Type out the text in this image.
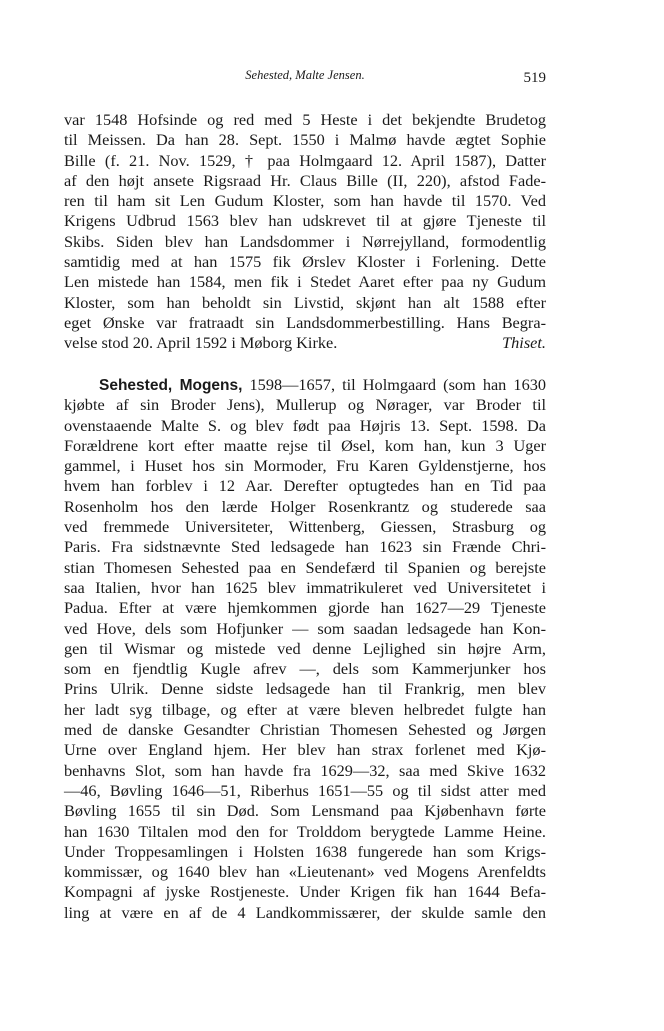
Sehested, Malte Jensen.	519
var 1548 Hofsinde og red med 5 Heste i det bekjendte Brudetog
til Meissen. Da han 28. Sept. 1550 i Malmø havde ægtet Sophie
Bille (f. 21. Nov. 1529, † paa Holmgaard 12. April 1587), Datter
af den højt ansete Rigsraad Hr. Claus Bille (II, 220), afstod Fade-
ren til ham sit Len Gudum Kloster, som han havde til 1570. Ved
Krigens Udbrud 1563 blev han udskrevet til at gjøre Tjeneste til
Skibs. Siden blev han Landsdommer i Nørrejylland, formodentlig
samtidig med at han 1575 fik Ørslev Kloster i Forlening. Dette
Len mistede han 1584, men fik i Stedet Aaret efter paa ny Gudum
Kloster, som han beholdt sin Livstid, skjønt han alt 1588 efter
eget Ønske var fratraadt sin Landsdommerbestilling. Hans Begra-
velse stod 20. April 1592 i Møborg Kirke.	Thiset.
Sehested, Mogens, 1598—1657, til Holmgaard (som han 1630
kjøbte af sin Broder Jens), Mullerup og Nørager, var Broder til
ovenstaaende Malte S. og blev født paa Højris 13. Sept. 1598. Da
Forældrene kort efter maatte rejse til Øsel, kom han, kun 3 Uger
gammel, i Huset hos sin Mormoder, Fru Karen Gyldenstjerne, hos
hvem han forblev i 12 Aar. Derefter optugtedes han en Tid paa
Rosenholm hos den lærde Holger Rosenkrantz og studerede saa
ved fremmede Universiteter, Wittenberg, Giessen, Strasburg og
Paris. Fra sidstnævnte Sted ledsagede han 1623 sin Frænde Chri-
stian Thomesen Sehested paa en Sendefærd til Spanien og berejste
saa Italien, hvor han 1625 blev immatrikuleret ved Universitetet i
Padua. Efter at være hjemkommen gjorde han 1627—29 Tjeneste
ved Hove, dels som Hofjunker — som saadan ledsagede han Kon-
gen til Wismar og mistede ved denne Lejlighed sin højre Arm,
som en fjendtlig Kugle afrev —, dels som Kammerjunker hos
Prins Ulrik. Denne sidste ledsagede han til Frankrig, men blev
her ladt syg tilbage, og efter at være bleven helbredet fulgte han
med de danske Gesandter Christian Thomesen Sehested og Jørgen
Urne over England hjem. Her blev han strax forlenet med Kjø-
benhavns Slot, som han havde fra 1629—32, saa med Skive 1632
—46, Bøvling 1646—51, Riberhus 1651—55 og til sidst atter med
Bøvling 1655 til sin Død. Som Lensmand paa Kjøbenhavn førte
han 1630 Tiltalen mod den for Trolddom berygtede Lamme Heine.
Under Troppesamlingen i Holsten 1638 fungerede han som Krigs-
kommissær, og 1640 blev han «Lieutenant» ved Mogens Arenfeldts
Kompagni af jyske Rostjeneste. Under Krigen fik han 1644 Befa-
ling at være en af de 4 Landkommissærer, der skulde samle den
